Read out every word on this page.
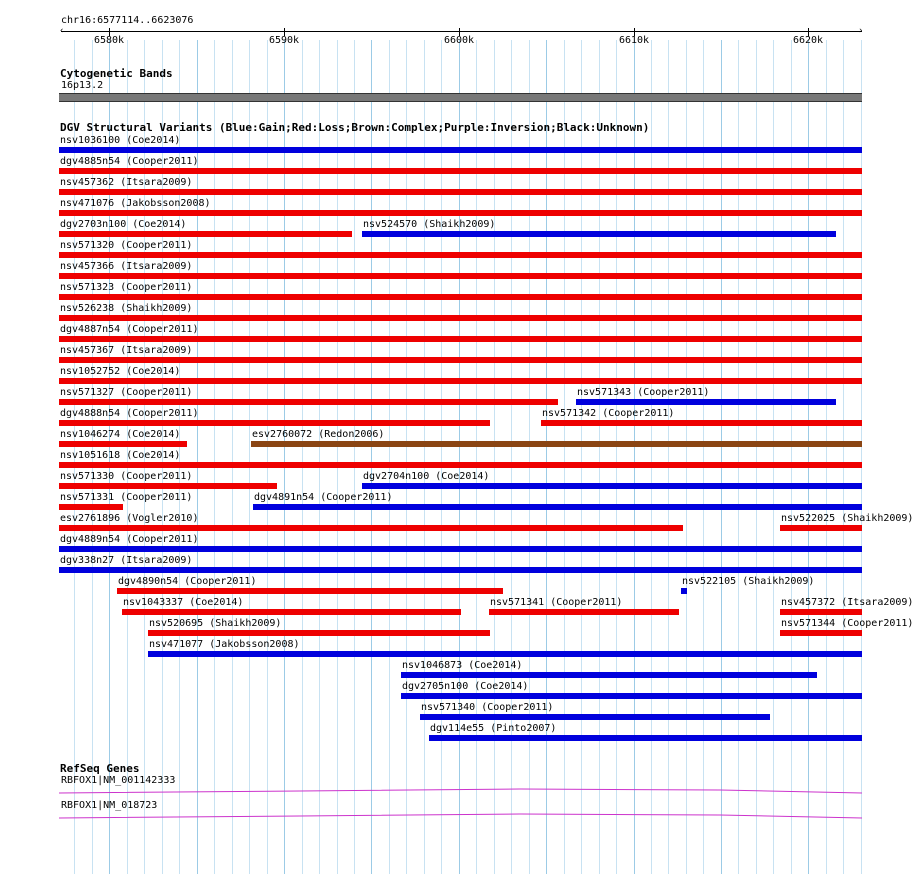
chr16:6577114..6623076
‹	›
6580k	6590k	6600k	6610k	6620k
Cytogenetic Bands
16p13.2
DGV Structural Variants (Blue:Gain;Red:Loss;Brown:Complex;Purple:Inversion;Black:Unknown)
nsv1036100 (Coe2014)
dgv4885n54 (Cooper2011)
nsv457362 (Itsara2009)
nsv471076 (Jakobsson2008)
dgv2703n100 (Coe2014)	nsv524570 (Shaikh2009)
nsv571320 (Cooper2011)
nsv457366 (Itsara2009)
nsv571323 (Cooper2011)
nsv526238 (Shaikh2009)
dgv4887n54 (Cooper2011)
nsv457367 (Itsara2009)
nsv1052752 (Coe2014)
nsv571327 (Cooper2011)	nsv571343 (Cooper2011)
dgv4888n54 (Cooper2011)	nsv571342 (Cooper2011)
nsv1046274 (Coe2014)	esv2760072 (Redon2006)
nsv1051618 (Coe2014)
nsv571330 (Cooper2011)	dgv2704n100 (Coe2014)
nsv571331 (Cooper2011)	dgv4891n54 (Cooper2011)
esv2761896 (Vogler2010)	nsv522025 (Shaikh2009)
dgv4889n54 (Cooper2011)
dgv338n27 (Itsara2009)
dgv4890n54 (Cooper2011)	nsv522105 (Shaikh2009)
nsv1043337 (Coe2014)	nsv571341 (Cooper2011)	nsv457372 (Itsara2009)
nsv520695 (Shaikh2009)	nsv571344 (Cooper2011)
nsv471077 (Jakobsson2008)
nsv1046873 (Coe2014)
dgv2705n100 (Coe2014)
nsv571340 (Cooper2011)
dgv114e55 (Pinto2007)
RefSeq Genes
RBFOX1|NM_001142333
RBFOX1|NM_018723
